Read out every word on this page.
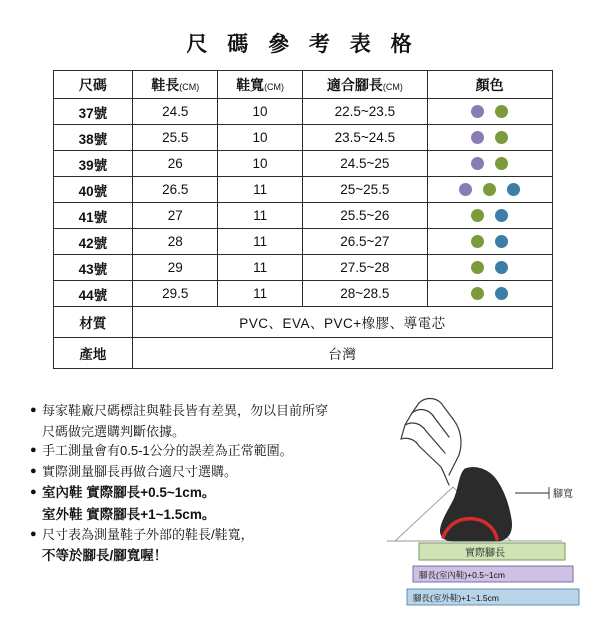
尺 碼 參 考 表 格
尺碼	鞋長(CM)	鞋寬(CM)	適合腳長(CM)	顏色
37號	24.5	10	22.5~23.5	

38號	25.5	10	23.5~24.5	

39號	26	10	24.5~25	

40號	26.5	11	25~25.5	

41號	27	11	25.5~26	

42號	28	11	26.5~27	

43號	29	11	27.5~28	

44號	29.5	11	28~28.5	

材質	PVC、EVA、PVC+橡膠、導電芯			
產地	台灣			
● 每家鞋廠尺碼標註與鞋長皆有差異，勿以目前所穿
尺碼做完選購判斷依據。
● 手工測量會有0.5-1公分的誤差為正常範圍。
● 實際測量腳長再做合適尺寸選購。
● 室內鞋 實際腳長+0.5~1cm。
室外鞋 實際腳長+1~1.5cm。
● 尺寸表為測量鞋子外部的鞋長/鞋寬，
不等於腳長/腳寬喔！
腳寬
實際腳長
腳長(室內鞋)+0.5~1cm
腳長(室外鞋)+1~1.5cm
